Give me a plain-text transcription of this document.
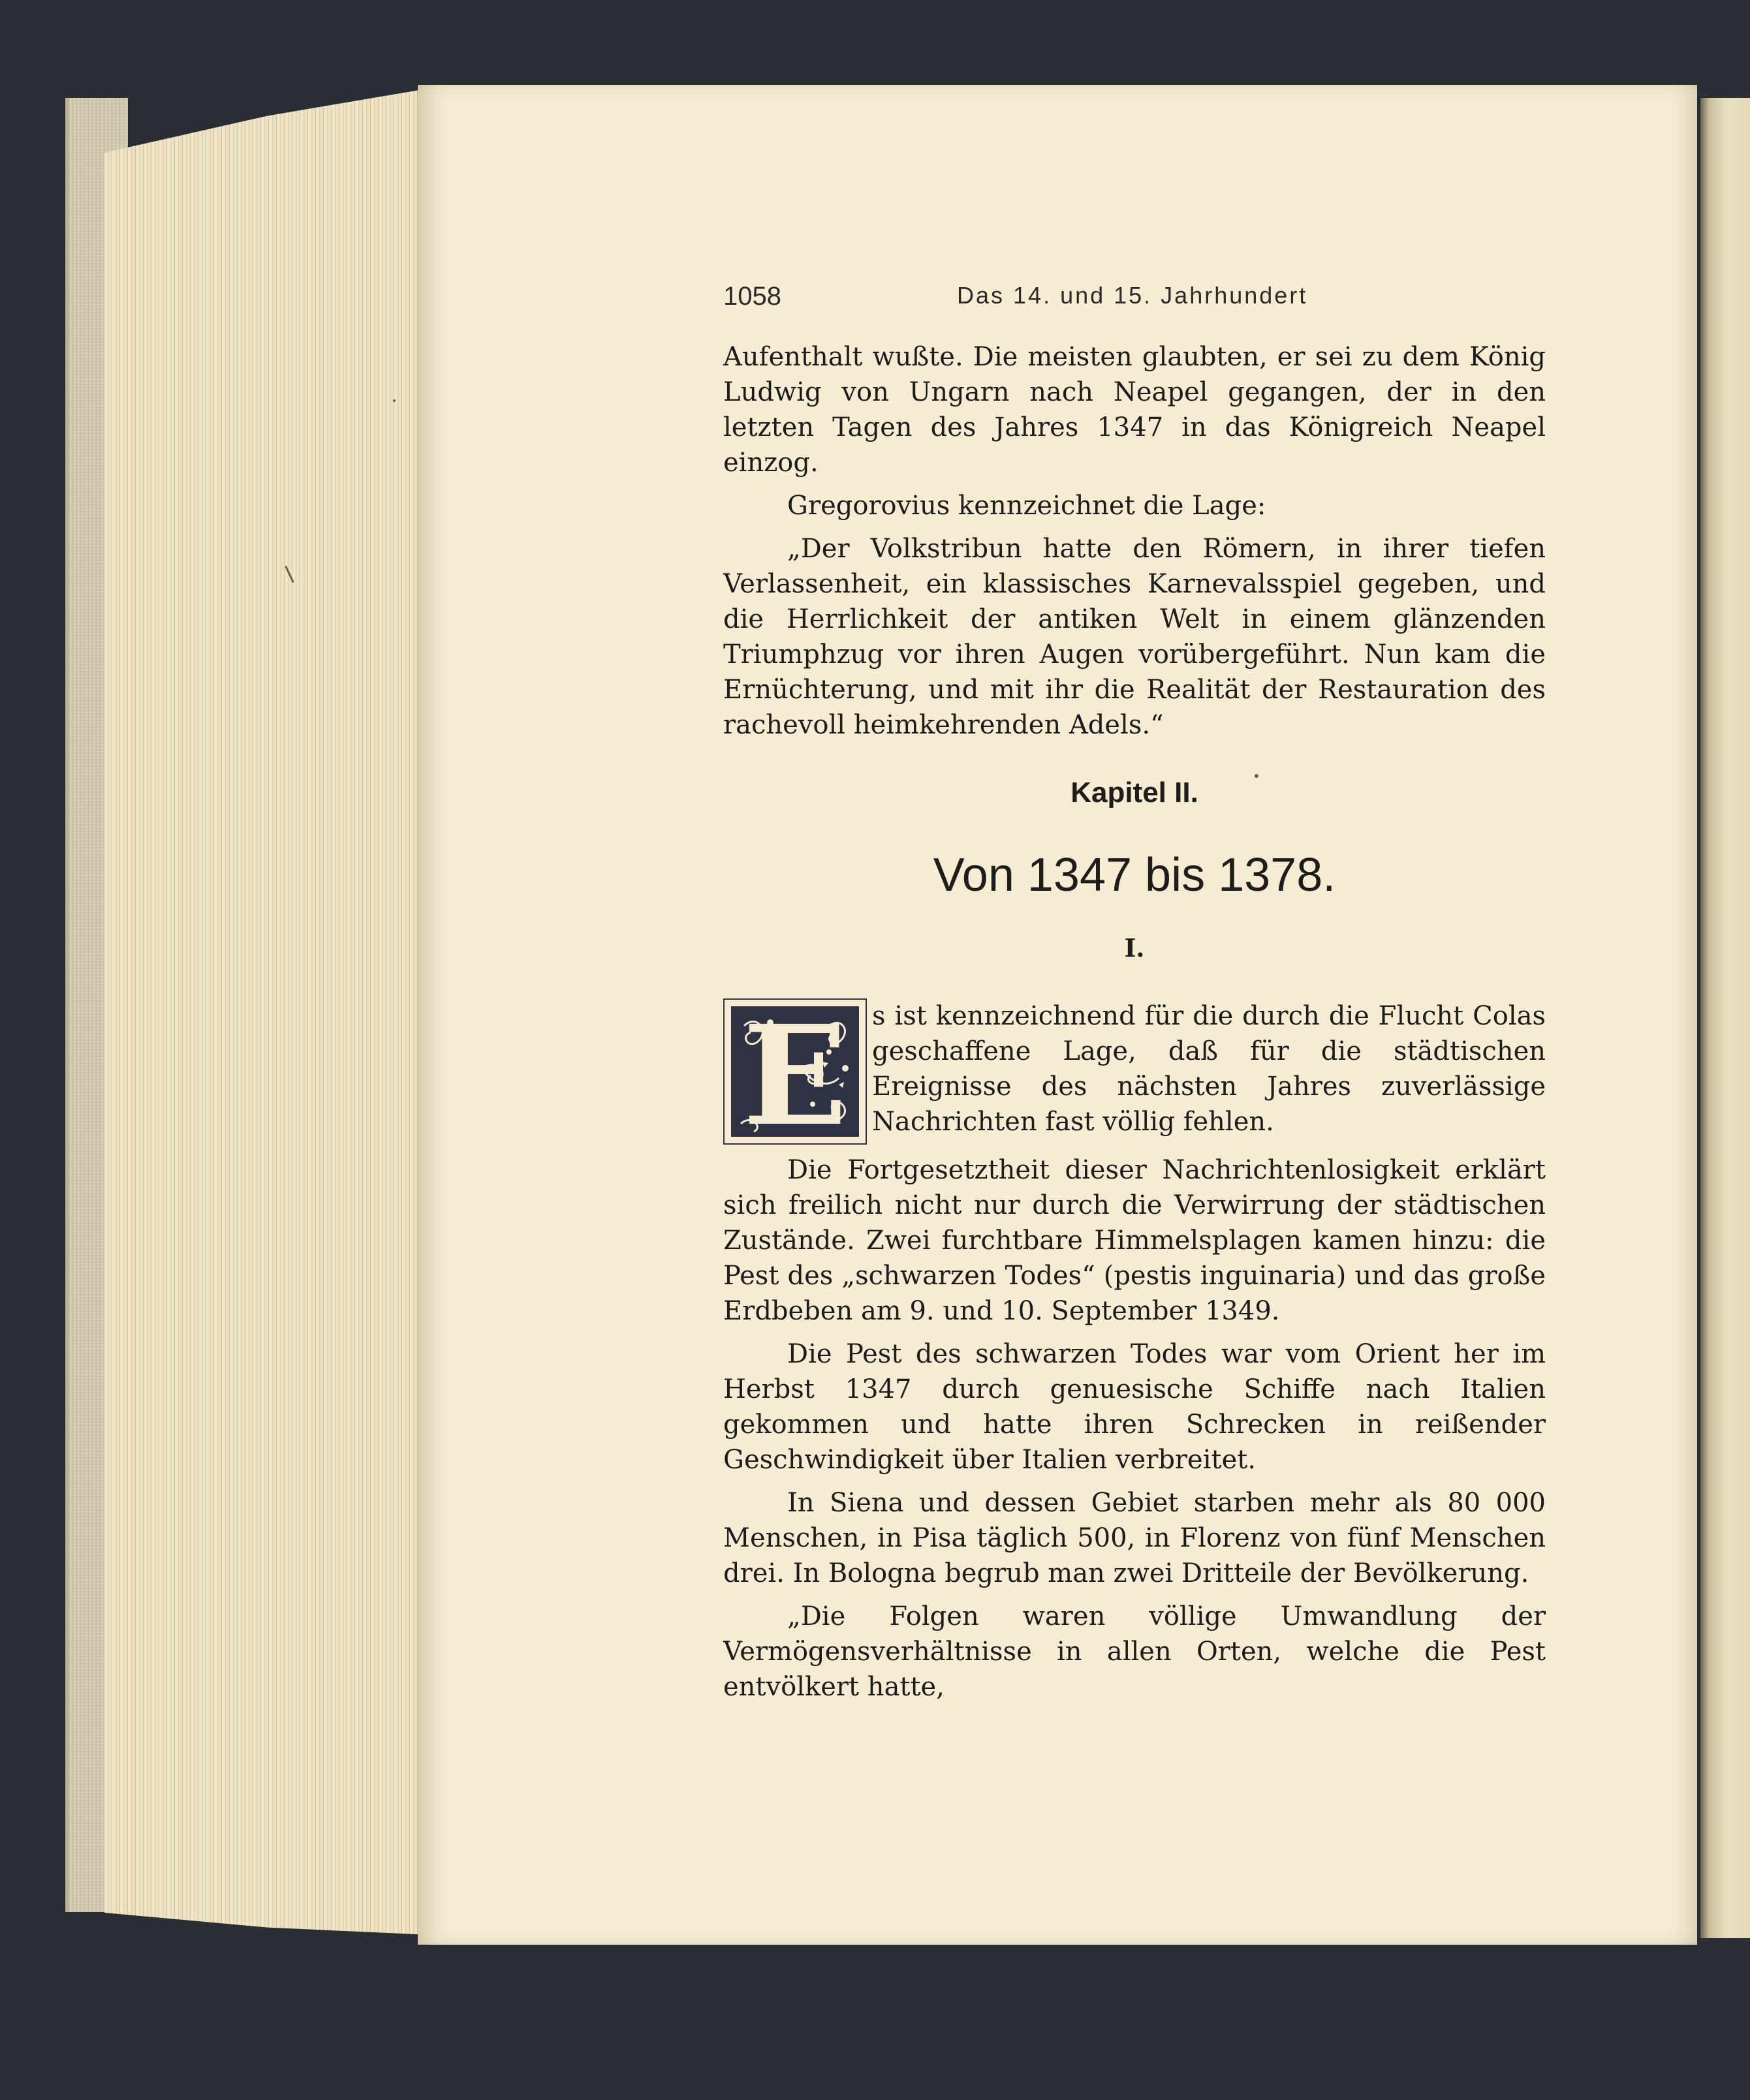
1058	Das 14. und 15. Jahrhundert

Aufenthalt wußte. Die meisten glaubten, er sei zu dem König Ludwig von Ungarn nach Neapel gegangen, der in den letzten Tagen des Jahres 1347 in das Königreich Neapel einzog.

Gregorovius kennzeichnet die Lage:

„Der Volkstribun hatte den Römern, in ihrer tiefen Verlassenheit, ein klassisches Karnevalsspiel gegeben, und die Herrlichkeit der antiken Welt in einem glänzenden Triumphzug vor ihren Augen vorübergeführt. Nun kam die Ernüchterung, und mit ihr die Realität der Restauration des rachevoll heimkehrenden Adels.“

Kapitel II.
Von 1347 bis 1378.
I.
E s ist kennzeichnend für die durch die Flucht Colas geschaffene Lage, daß für die städtischen Ereignisse des nächsten Jahres zuverlässige Nachrichten fast völlig fehlen.

Die Fortgesetztheit dieser Nachrichtenlosigkeit erklärt sich freilich nicht nur durch die Verwirrung der städtischen Zustände. Zwei furchtbare Himmelsplagen kamen hinzu: die Pest des „schwarzen Todes“ (pestis inguinaria) und das große Erdbeben am 9. und 10. September 1349.

Die Pest des schwarzen Todes war vom Orient her im Herbst 1347 durch genuesische Schiffe nach Italien gekommen und hatte ihren Schrecken in reißender Geschwindigkeit über Italien verbreitet.

In Siena und dessen Gebiet starben mehr als 80 000 Menschen, in Pisa täglich 500, in Florenz von fünf Menschen drei. In Bologna begrub man zwei Dritteile der Bevölkerung.

„Die Folgen waren völlige Umwandlung der Vermögensverhältnisse in allen Orten, welche die Pest entvölkert hatte,
